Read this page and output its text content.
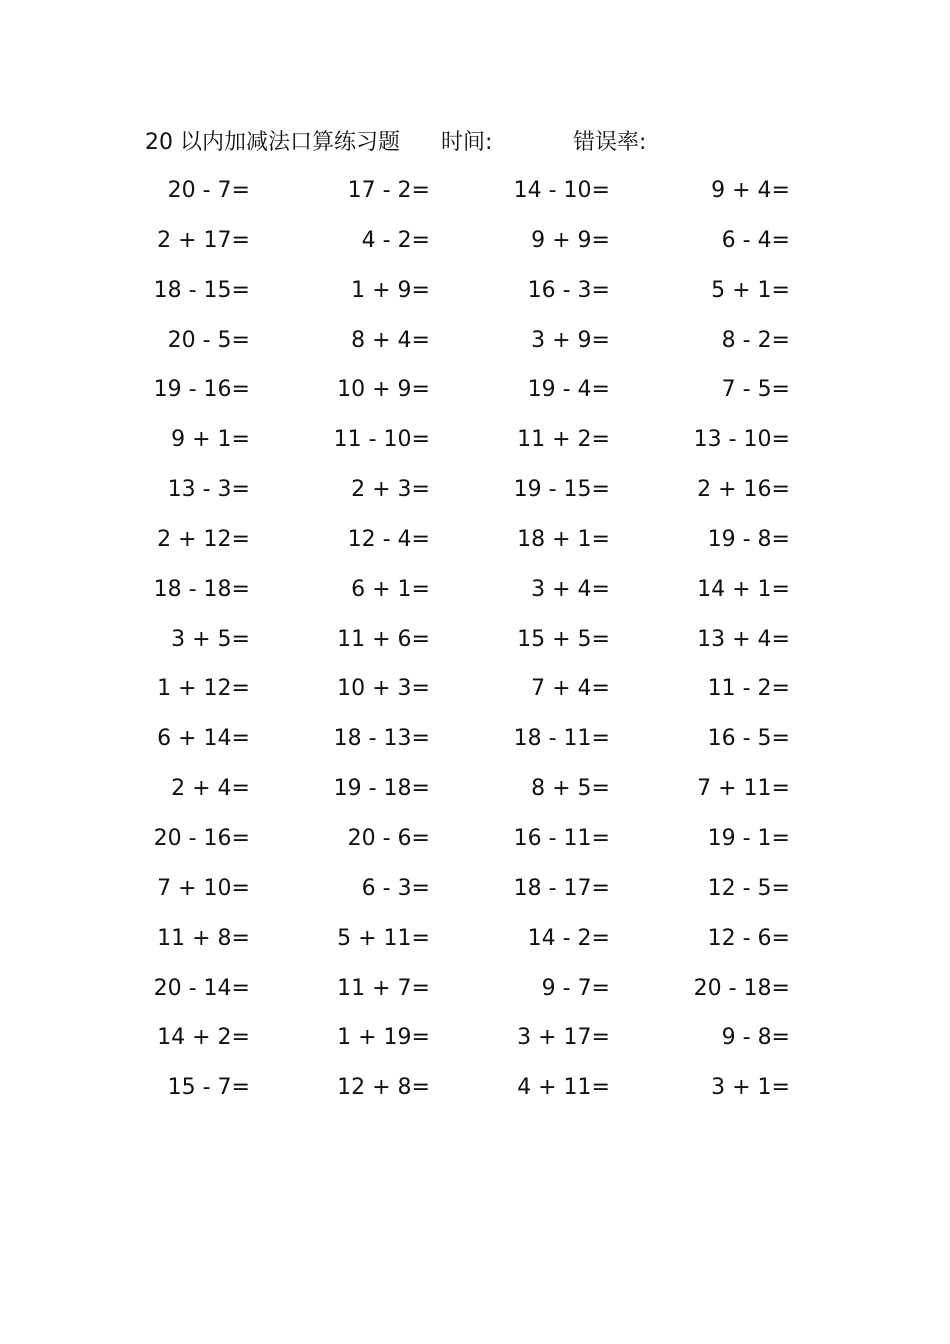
20 以内加减法口算练习题 时间:	错误率:
20 - 7=	17 - 2=	14 - 10=	9 + 4=
2 + 17=	4 - 2=	9 + 9=	6 - 4=
18 - 15=	1 + 9=	16 - 3=	5 + 1=
20 - 5=	8 + 4=	3 + 9=	8 - 2=
19 - 16=	10 + 9=	19 - 4=	7 - 5=
9 + 1=	11 - 10=	11 + 2=	13 - 10=
13 - 3=	2 + 3=	19 - 15=	2 + 16=
2 + 12=	12 - 4=	18 + 1=	19 - 8=
18 - 18=	6 + 1=	3 + 4=	14 + 1=
3 + 5=	11 + 6=	15 + 5=	13 + 4=
1 + 12=	10 + 3=	7 + 4=	11 - 2=
6 + 14=	18 - 13=	18 - 11=	16 - 5=
2 + 4=	19 - 18=	8 + 5=	7 + 11=
20 - 16=	20 - 6=	16 - 11=	19 - 1=
7 + 10=	6 - 3=	18 - 17=	12 - 5=
11 + 8=	5 + 11=	14 - 2=	12 - 6=
20 - 14=	11 + 7=	9 - 7=	20 - 18=
14 + 2=	1 + 19=	3 + 17=	9 - 8=
15 - 7=	12 + 8=	4 + 11=	3 + 1=
